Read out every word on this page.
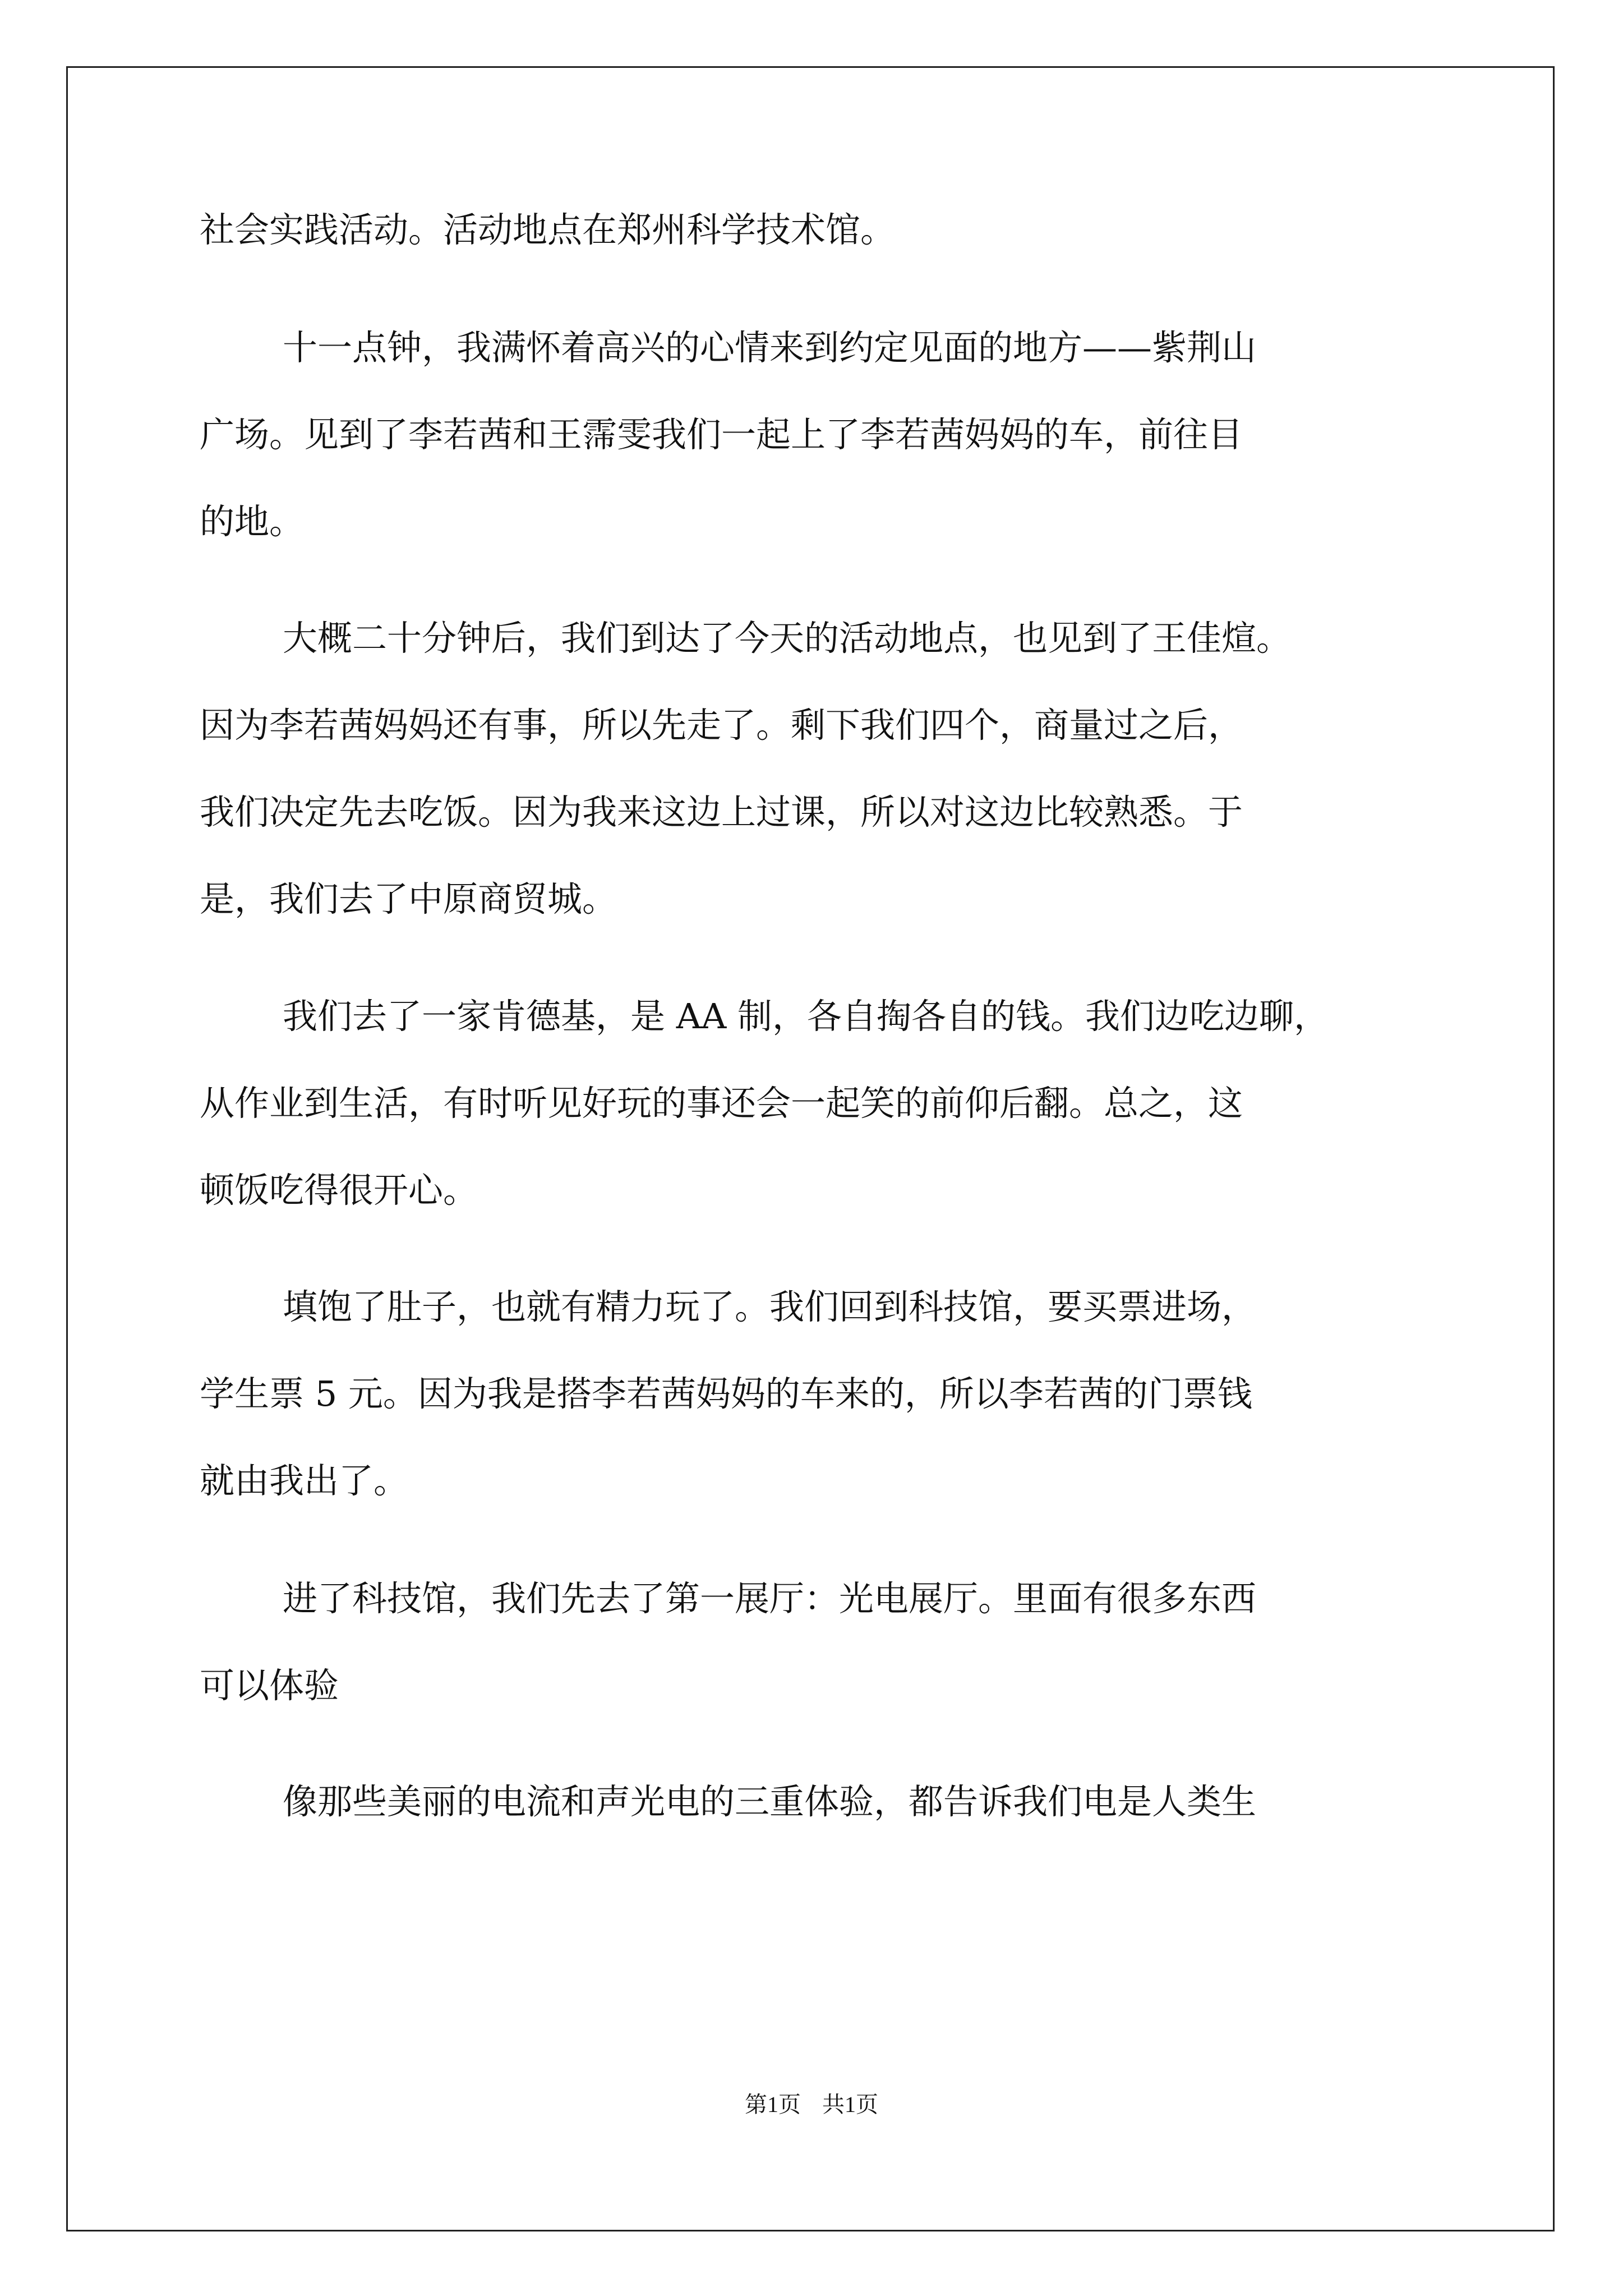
社会实践活动。活动地点在郑州科学技术馆。
十一点钟，我满怀着高兴的心情来到约定见面的地方——紫荆山
广场。见到了李若茜和王霈雯我们一起上了李若茜妈妈的车，前往目
的地。
大概二十分钟后，我们到达了今天的活动地点，也见到了王佳煊。
因为李若茜妈妈还有事，所以先走了。剩下我们四个，商量过之后，
我们决定先去吃饭。因为我来这边上过课，所以对这边比较熟悉。于
是，我们去了中原商贸城。
我们去了一家肯德基，是 AA 制，各自掏各自的钱。我们边吃边聊，
从作业到生活，有时听见好玩的事还会一起笑的前仰后翻。总之，这
顿饭吃得很开心。
填饱了肚子，也就有精力玩了。我们回到科技馆，要买票进场，
学生票 5 元。因为我是搭李若茜妈妈的车来的，所以李若茜的门票钱
就由我出了。
进了科技馆，我们先去了第一展厅：光电展厅。里面有很多东西
可以体验
像那些美丽的电流和声光电的三重体验，都告诉我们电是人类生
第1页 共1页
